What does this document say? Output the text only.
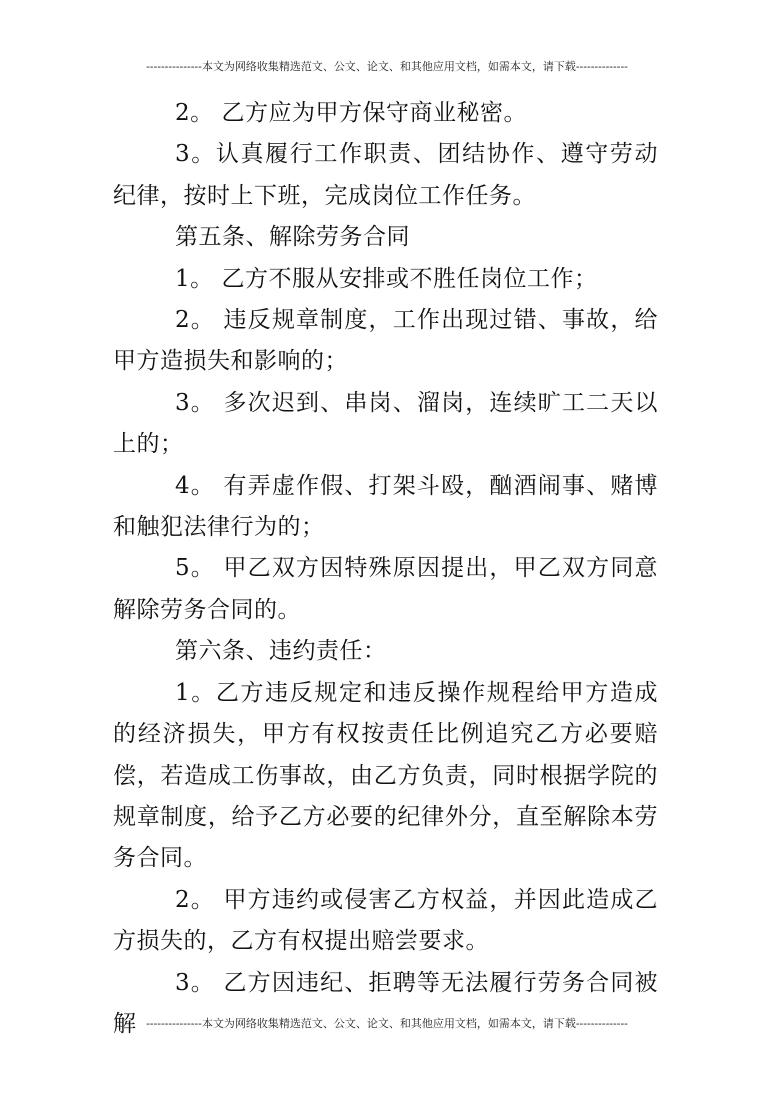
---------------本文为网络收集精选范文、公文、论文、和其他应用文档，如需本文，请下载--------------

2。 乙方应为甲方保守商业秘密。

3。认真履行工作职责、团结协作、遵守劳动纪律，按时上下班，完成岗位工作任务。

第五条、解除劳务合同

1。 乙方不服从安排或不胜任岗位工作；

2。 违反规章制度，工作出现过错、事故，给甲方造损失和影响的；

3。 多次迟到、串岗、溜岗，连续旷工二天以上的；

4。 有弄虚作假、打架斗殴，酗酒闹事、赌博和触犯法律行为的；

5。 甲乙双方因特殊原因提出，甲乙双方同意解除劳务合同的。

第六条、违约责任：

1。乙方违反规定和违反操作规程给甲方造成的经济损失，甲方有权按责任比例追究乙方必要赔偿，若造成工伤事故，由乙方负责，同时根据学院的规章制度，给予乙方必要的纪律外分，直至解除本劳务合同。

2。 甲方违约或侵害乙方权益，并因此造成乙方损失的，乙方有权提出赔尝要求。

3。 乙方因违纪、拒聘等无法履行劳务合同被解 ---------------本文为网络收集精选范文、公文、论文、和其他应用文档，如需本文，请下载--------------
